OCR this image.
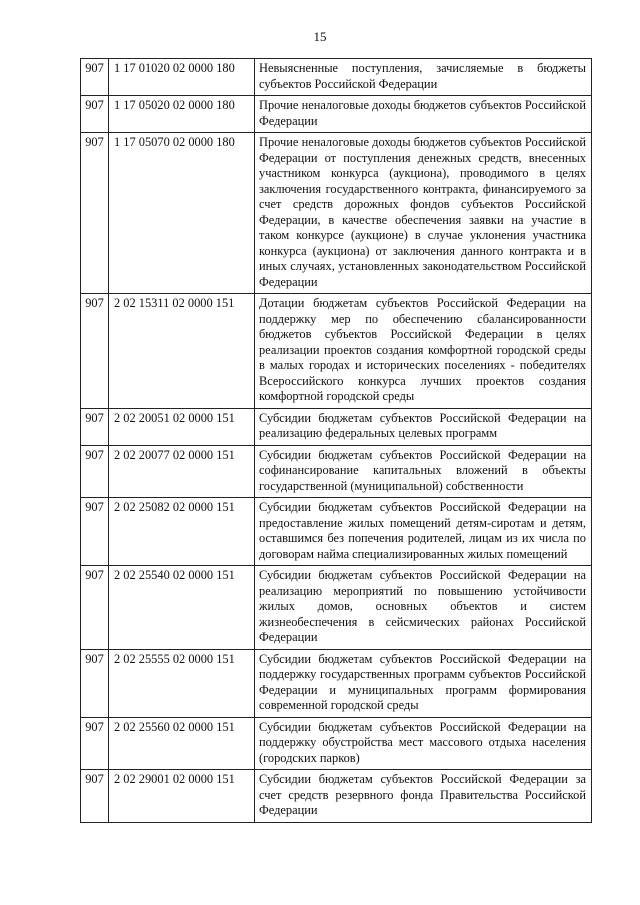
15
907	1 17 01020 02 0000 180	Невыясненные поступления, зачисляемые в бюджеты субъектов Российской Федерации
907	1 17 05020 02 0000 180	Прочие неналоговые доходы бюджетов субъектов Российской Федерации
907	1 17 05070 02 0000 180	Прочие неналоговые доходы бюджетов субъектов Российской Федерации от поступления денежных средств, внесенных участником конкурса (аукциона), проводимого в целях заключения государственного контракта, финансируемого за счет средств дорожных фондов субъектов Российской Федерации, в качестве обеспечения заявки на участие в таком конкурсе (аукционе) в случае уклонения участника конкурса (аукциона) от заключения данного контракта и в иных случаях, установленных законодательством Российской Федерации
907	2 02 15311 02 0000 151	Дотации бюджетам субъектов Российской Федерации на поддержку мер по обеспечению сбалансированности бюджетов субъектов Российской Федерации в целях реализации проектов создания комфортной городской среды в малых городах и исторических поселениях - победителях Всероссийского конкурса лучших проектов создания комфортной городской среды
907	2 02 20051 02 0000 151	Субсидии бюджетам субъектов Российской Федерации на реализацию федеральных целевых программ
907	2 02 20077 02 0000 151	Субсидии бюджетам субъектов Российской Федерации на софинансирование капитальных вложений в объекты государственной (муниципальной) собственности
907	2 02 25082 02 0000 151	Субсидии бюджетам субъектов Российской Федерации на предоставление жилых помещений детям-сиротам и детям, оставшимся без попечения родителей, лицам из их числа по договорам найма специализированных жилых помещений
907	2 02 25540 02 0000 151	Субсидии бюджетам субъектов Российской Федерации на реализацию мероприятий по повышению устойчивости жилых домов, основных объектов и систем жизнеобеспечения в сейсмических районах Российской Федерации
907	2 02 25555 02 0000 151	Субсидии бюджетам субъектов Российской Федерации на поддержку государственных программ субъектов Российской Федерации и муниципальных программ формирования современной городской среды
907	2 02 25560 02 0000 151	Субсидии бюджетам субъектов Российской Федерации на поддержку обустройства мест массового отдыха населения (городских парков)
907	2 02 29001 02 0000 151	Субсидии бюджетам субъектов Российской Федерации за счет средств резервного фонда Правительства Российской Федерации
